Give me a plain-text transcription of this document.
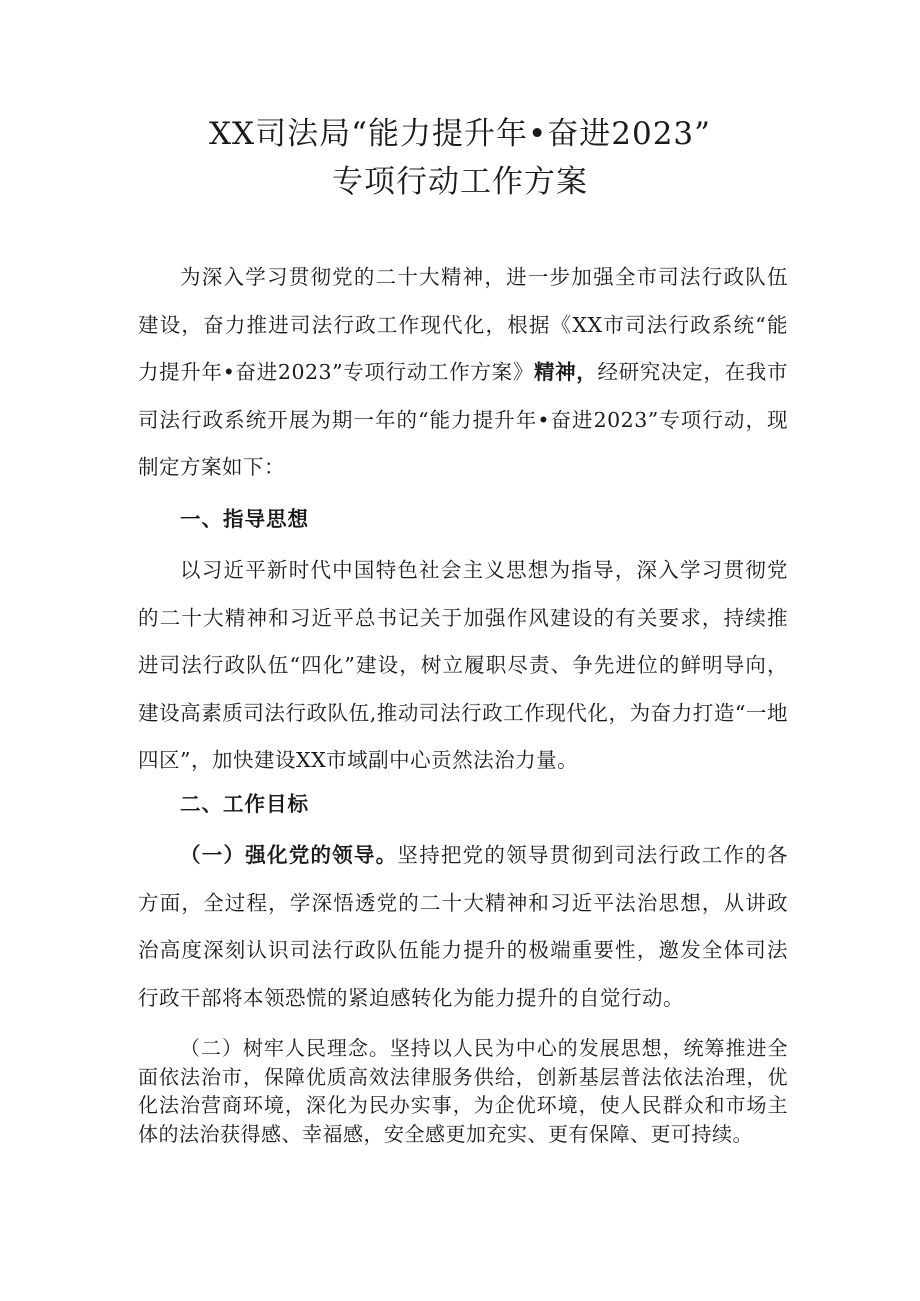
XX司法局“能力提升年•奋进2023”
专项行动工作方案

为深入学习贯彻党的二十大精神，进一步加强全市司法行政队伍建设，奋力推进司法行政工作现代化，根据《XX市司法行政系统“能力提升年•奋进2023”专项行动工作方案》精神，经研究决定，在我市司法行政系统开展为期一年的“能力提升年•奋进2023”专项行动，现制定方案如下：

一、指导思想

以习近平新时代中国特色社会主义思想为指导，深入学习贯彻党的二十大精神和习近平总书记关于加强作风建设的有关要求，持续推进司法行政队伍“四化”建设，树立履职尽责、争先进位的鲜明导向，建设高素质司法行政队伍,推动司法行政工作现代化，为奋力打造“一地四区”，加快建设XX市域副中心贡然法治力量。

二、工作目标

（一）强化党的领导。坚持把党的领导贯彻到司法行政工作的各方面，全过程，学深悟透党的二十大精神和习近平法治思想，从讲政治高度深刻认识司法行政队伍能力提升的极端重要性，邀发全体司法行政干部将本领恐慌的紧迫感转化为能力提升的自觉行动。

（二）树牢人民理念。坚持以人民为中心的发展思想，统筹推进全面依法治市，保障优质高效法律服务供给，创新基层普法依法治理，优化法治营商环境，深化为民办实事，为企优环境，使人民群众和市场主体的法治获得感、幸福感，安全感更加充实、更有保障、更可持续。
